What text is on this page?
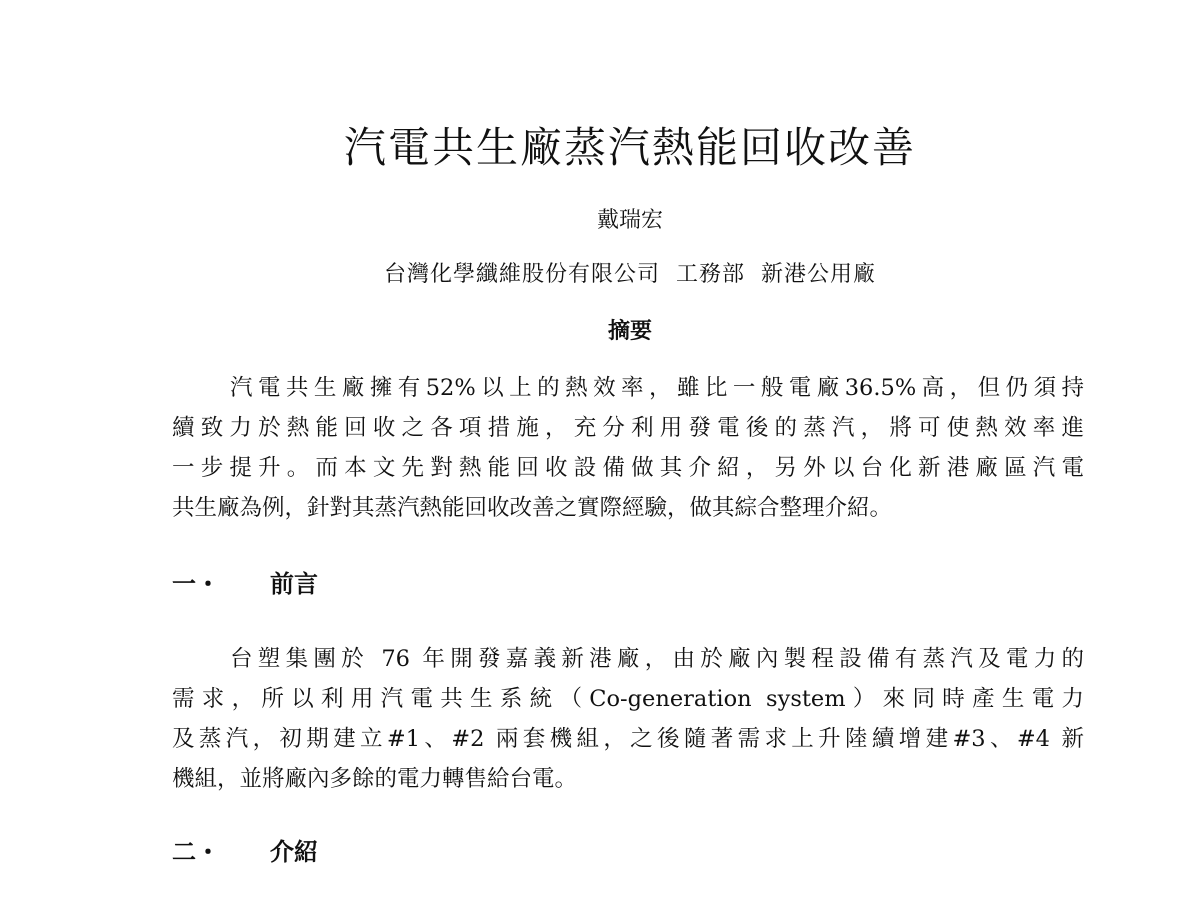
汽電共生廠蒸汽熱能回收改善
戴瑞宏
台灣化學纖維股份有限公司  工務部  新港公用廠
摘要
汽電共生廠擁有52%以上的熱效率，雖比一般電廠36.5%高，但仍須持
續致力於熱能回收之各項措施，充分利用發電後的蒸汽，將可使熱效率進
一步提升。而本文先對熱能回收設備做其介紹，另外以台化新港廠區汽電
共生廠為例，針對其蒸汽熱能回收改善之實際經驗，做其綜合整理介紹。
一・ 前言
台塑集團於 76 年開發嘉義新港廠，由於廠內製程設備有蒸汽及電力的
需求，所以利用汽電共生系統（Co-generation system）來同時產生電力
及蒸汽，初期建立#1、#2 兩套機組，之後隨著需求上升陸續增建#3、#4 新
機組，並將廠內多餘的電力轉售給台電。
二・ 介紹
